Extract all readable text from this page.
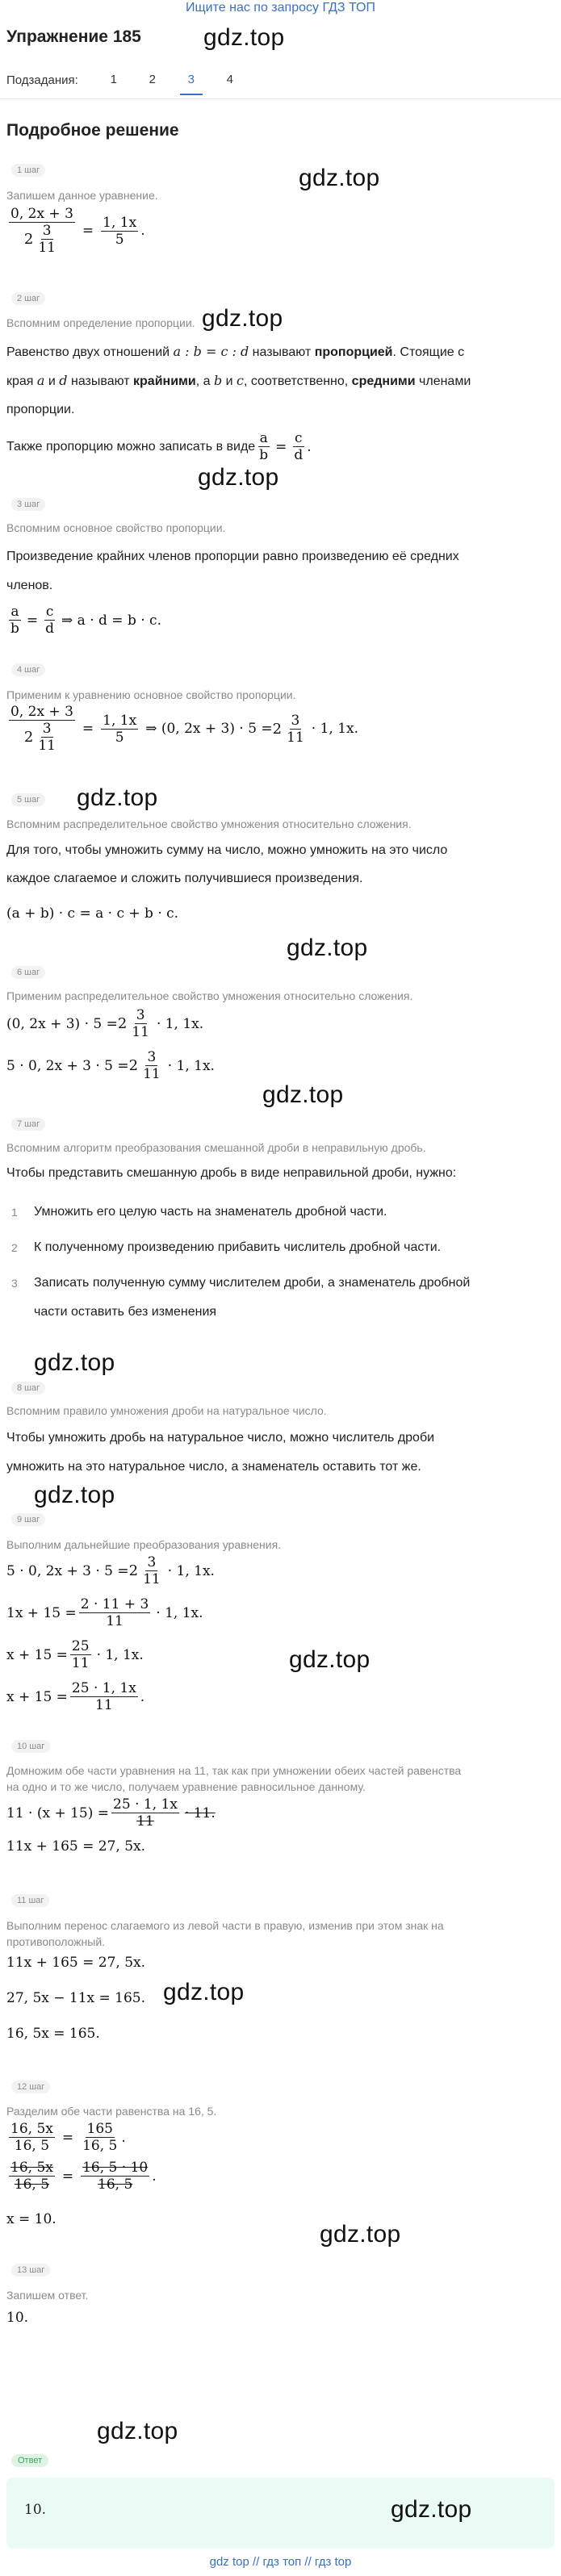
Ищите нас по запросу ГДЗ ТОП
gdz.top
Упражнение 185
Подзадания:	1	2	3	4
Подробное решение
1 шаг	gdz.top
Запишем данное уравнение.
$\frac{0, 2x + 3}{2 \frac{3}{11}} = \frac{1, 1x}{5}$ .
2 шаг
gdz.top
Вспомним определение пропорции.
Равенство двух отношений a : b = c : d называют пропорцией. Стоящие с
края a и d называют крайними, а b и c, соответственно, средними членами
пропорции.
Также пропорцию можно записать в виде $\frac{a}{b} = \frac{c}{d}$ .
gdz.top
3 шаг
Вспомним основное свойство пропорции.
Произведение крайних членов пропорции равно произведению её средних
членов.
$\frac{a}{b} = \frac{c}{d}$ ⇒ a · d = b · c.
4 шаг
Применим к уравнению основное свойство пропорции.
$\frac{0, 2x + 3}{2 \frac{3}{11}} = \frac{1, 1x}{5}$ ⇒ (0, $2x + 3) \cdot 5 = 2 \frac{3}{11} \cdot 1$, 1x.
gdz.top
5 шаг
Вспомним распределительное свойство умножения относительно сложения.
Для того, чтобы умножить сумму на число, можно умножить на это число
каждое слагаемое и сложить получившиеся произведения.
(a + b) · c = a · c + b · c.
gdz.top
6 шаг
Применим распределительное свойство умножения относительно сложения.
(0, $2x + 3) \cdot 5 = 2 \frac{3}{11} \cdot 1$, 1x.
5 · 0, $2x + 3 \cdot 5 = 2 \frac{3}{11} \cdot 1$, 1x.
gdz.top
7 шаг
Вспомним алгоритм преобразования смешанной дроби в неправильную дробь.
Чтобы представить смешанную дробь в виде неправильной дроби, нужно:
1	Умножить его целую часть на знаменатель дробной части.
2	К полученному произведению прибавить числитель дробной части.
3	Записать полученную сумму числителем дроби, а знаменатель дробной
части оставить без изменения
gdz.top
8 шаг
Вспомним правило умножения дроби на натуральное число.
Чтобы умножить дробь на натуральное число, можно числитель дроби
умножить на это натуральное число, а знаменатель оставить тот же.
gdz.top
9 шаг
Выполним дальнейшие преобразования уравнения.
5 · 0, $2x + 3 \cdot 5 = 2 \frac{3}{11} \cdot 1$, 1x.
$1x + 15 = \frac{2 \cdot 11 + 3}{11} \cdot 1$, 1x.
$x + 15 = \frac{25}{11} \cdot 1$, 1x.	gdz.top
$x + 15 = \frac{25 \cdot 1, 1x}{11}$ .
10 шаг
Домножим обе части уравнения на 11, так как при умножении обеих частей равенства
на одно и то же число, получаем уравнение равносильное данному.
$11 \cdot (x + 15) = \frac{25 \cdot 1, 1x}{11} \cdot 11$.
11x + 165 = 27, 5x.
11 шаг
Выполним перенос слагаемого из левой части в правую, изменив при этом знак на
противоположный.
11x + 165 = 27, 5x.
gdz.top
27, 5x − 11x = 165.
16, 5x = 165.
12 шаг
Разделим обе части равенства на 16, 5.
$\frac{16, 5x}{16, 5} = \frac{165}{16, 5}$ .
$\frac{16, 5x}{16, 5} = \frac{16, 5 \cdot 10}{16, 5}$ .
gdz.top
x = 10.
13 шаг
Запишем ответ.
10.
gdz.top
Ответ
10.	gdz.top
gdz top // гдз топ // гдз top
